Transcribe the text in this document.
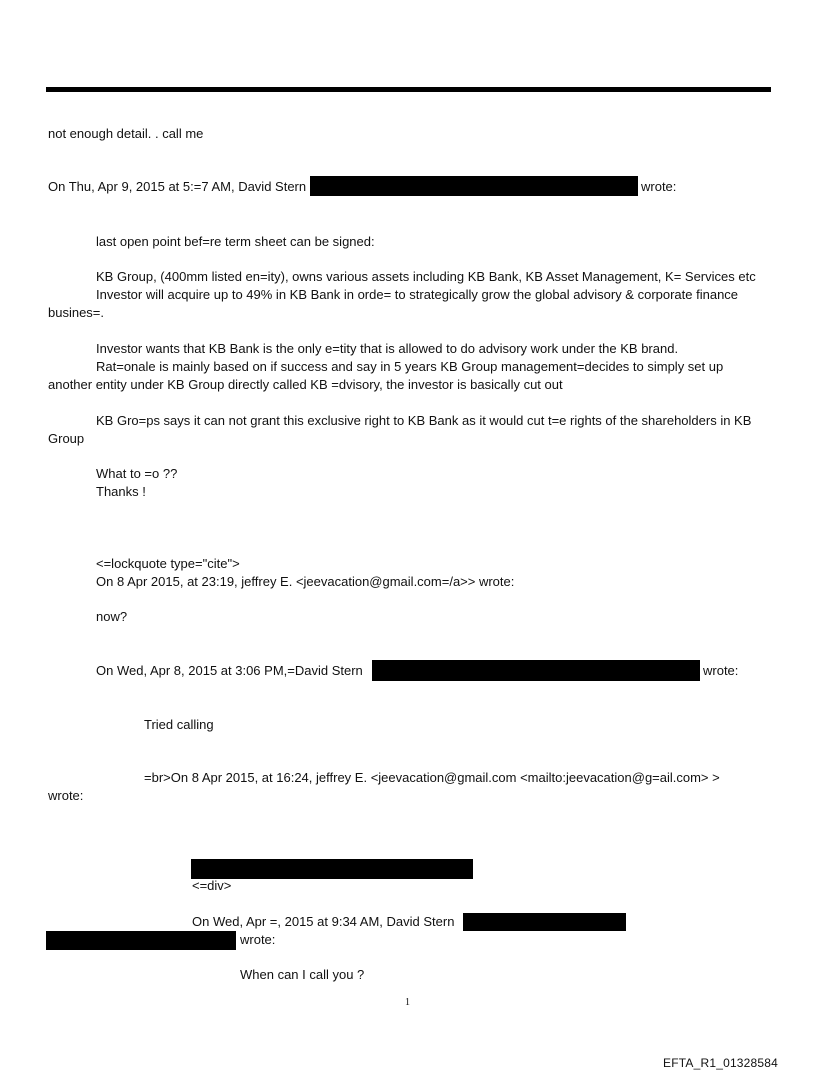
not enough detail. . call me
On Thu, Apr 9, 2015 at 5:=7 AM, David Stern	wrote:
last open point bef=re term sheet can be signed:
KB Group, (400mm listed en=ity), owns various assets including KB Bank, KB Asset Management, K= Services etc
Investor will acquire up to 49% in KB Bank in orde= to strategically grow the global advisory & corporate finance
busines=.
Investor wants that KB Bank is the only e=tity that is allowed to do advisory work under the KB brand.
Rat=onale is mainly based on if success and say in 5 years KB Group management=decides to simply set up
another entity under KB Group directly called KB =dvisory, the investor is basically cut out
KB Gro=ps says it can not grant this exclusive right to KB Bank as it would cut t=e rights of the shareholders in KB
Group
What to =o ??
Thanks !
<=lockquote type="cite">
On 8 Apr 2015, at 23:19, jeffrey E. <jeevacation@gmail.com=/a>> wrote:
now?
On Wed, Apr 8, 2015 at 3:06 PM,=David Stern	wrote:
Tried calling
=br>On 8 Apr 2015, at 16:24, jeffrey E. <jeevacation@gmail.com <mailto:jeevacation@g=ail.com> >
wrote:
<=div>
On Wed, Apr =, 2015 at 9:34 AM, David Stern
wrote:
When can I call you ?
1
EFTA_R1_01328584
